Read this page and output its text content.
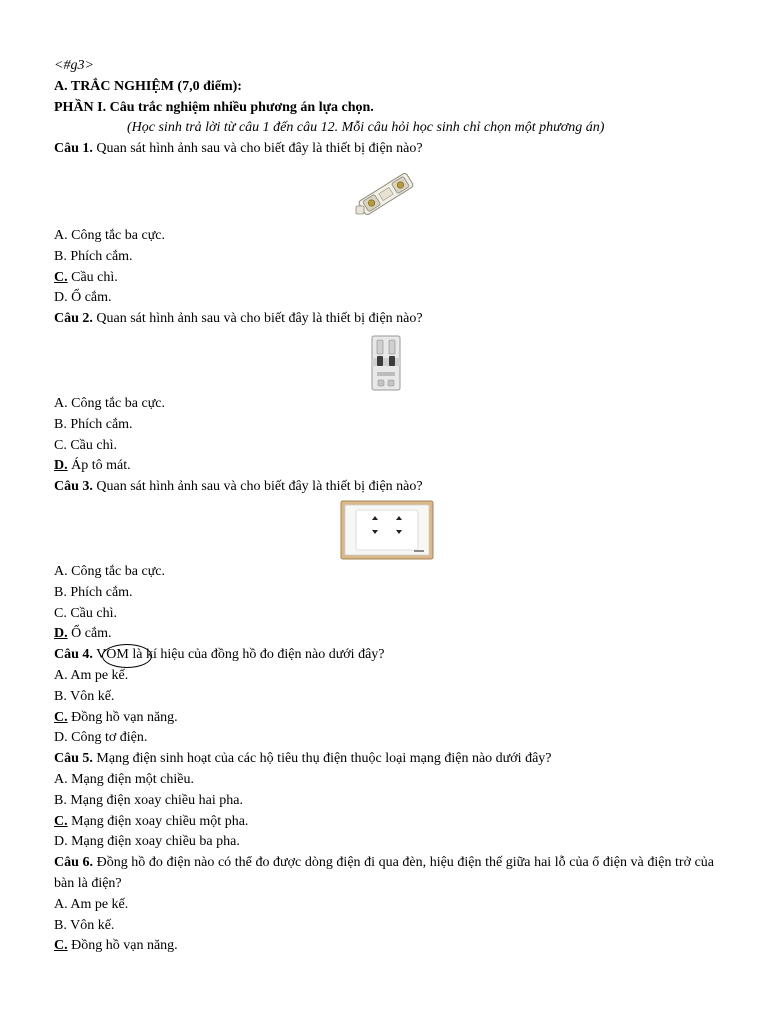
<#g3>
A. TRẮC NGHIỆM (7,0 điểm):
PHẦN I. Câu trắc nghiệm nhiều phương án lựa chọn.
(Học sinh trả lời từ câu 1 đến câu 12. Mỗi câu hỏi học sinh chỉ chọn một phương án)
Câu 1. Quan sát hình ảnh sau và cho biết đây là thiết bị điện nào?
A. Công tắc ba cực.
B. Phích cắm.
C. Cầu chì.
D. Ổ cắm.
Câu 2. Quan sát hình ảnh sau và cho biết đây là thiết bị điện nào?
A. Công tắc ba cực.
B. Phích cắm.
C. Cầu chì.
D. Áp tô mát.
Câu 3. Quan sát hình ảnh sau và cho biết đây là thiết bị điện nào?
A. Công tắc ba cực.
B. Phích cắm.
C. Cầu chì.
D. Ổ cắm.
Câu 4. VOM là kí hiệu của đồng hồ đo điện nào dưới đây?
A. Am pe kế.
B. Vôn kế.
C. Đồng hồ vạn năng.
D. Công tơ điện.
Câu 5. Mạng điện sinh hoạt của các hộ tiêu thụ điện thuộc loại mạng điện nào dưới đây?
A. Mạng điện một chiều.
B. Mạng điện xoay chiều hai pha.
C. Mạng điện xoay chiều một pha.
D. Mạng điện xoay chiều ba pha.
Câu 6. Đồng hồ đo điện nào có thể đo được dòng điện đi qua đèn, hiệu điện thế giữa hai lỗ của ổ điện và điện trở của bàn là điện?
A. Am pe kế.
B. Vôn kế.
C. Đồng hồ vạn năng.
